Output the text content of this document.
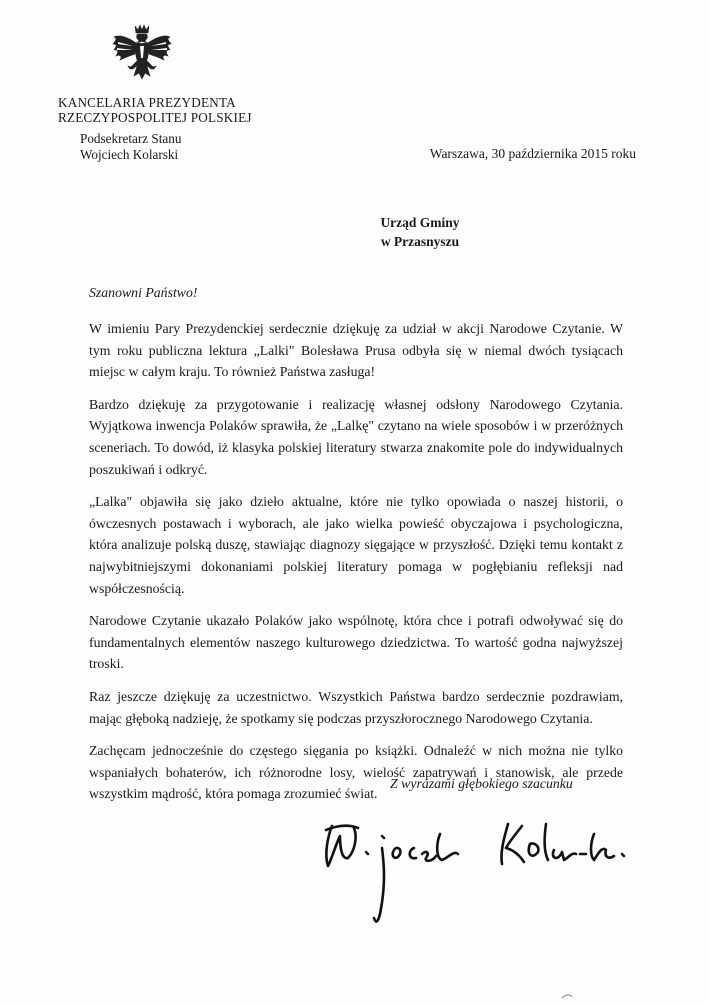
KANCELARIA PREZYDENTA
RZECZYPOSPOLITEJ POLSKIEJ
Podsekretarz Stanu
Wojciech Kolarski	Warszawa, 30 października 2015 roku
Urząd Gminy
w Przasnyszu
Szanowni Państwo!

W imieniu Pary Prezydenckiej serdecznie dziękuję za udział w akcji Narodowe Czytanie. W tym roku publiczna lektura „Lalki" Bolesława Prusa odbyła się w niemal dwóch tysiącach miejsc w całym kraju. To również Państwa zasługa!

Bardzo dziękuję za przygotowanie i realizację własnej odsłony Narodowego Czytania. Wyjątkowa inwencja Polaków sprawiła, że „Lalkę" czytano na wiele sposobów i w przeróżnych sceneriach. To dowód, iż klasyka polskiej literatury stwarza znakomite pole do indywidualnych poszukiwań i odkryć.

„Lalka" objawiła się jako dzieło aktualne, które nie tylko opowiada o naszej historii, o ówczesnych postawach i wyborach, ale jako wielka powieść obyczajowa i psychologiczna, która analizuje polską duszę, stawiając diagnozy sięgające w przyszłość. Dzięki temu kontakt z najwybitniejszymi dokonaniami polskiej literatury pomaga w pogłębianiu refleksji nad współczesnością.

Narodowe Czytanie ukazało Polaków jako wspólnotę, która chce i potrafi odwoływać się do fundamentalnych elementów naszego kulturowego dziedzictwa. To wartość godna najwyższej troski.

Raz jeszcze dziękuję za uczestnictwo. Wszystkich Państwa bardzo serdecznie pozdrawiam, mając głęboką nadzieję, że spotkamy się podczas przyszłorocznego Narodowego Czytania.

Zachęcam jednocześnie do częstego sięgania po książki. Odnaleźć w nich można nie tylko wspaniałych bohaterów, ich różnorodne losy, wielość zapatrywań i stanowisk, ale przede wszystkim mądrość, która pomaga zrozumieć świat.

Z wyrazami głębokiego szacunku
